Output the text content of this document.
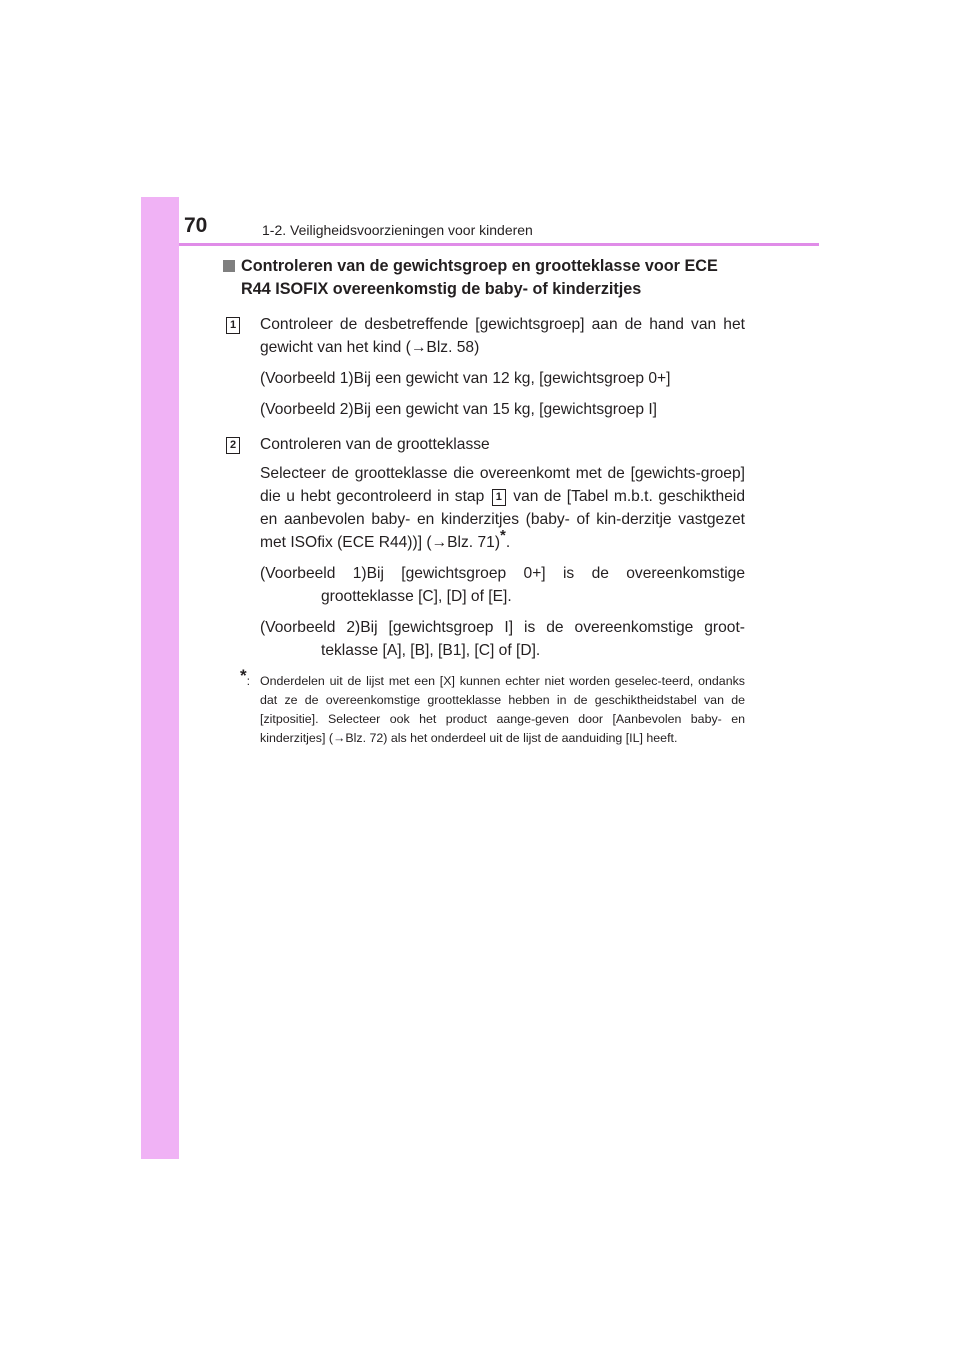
70	1-2. Veiligheidsvoorzieningen voor kinderen
Controleren van de gewichtsgroep en grootteklasse voor ECE R44 ISOFIX overeenkomstig de baby- of kinderzitjes
1 Controleer de desbetreffende [gewichtsgroep] aan de hand van het gewicht van het kind (→Blz. 58)

(Voorbeeld 1)Bij een gewicht van 12 kg, [gewichtsgroep 0+]

(Voorbeeld 2)Bij een gewicht van 15 kg, [gewichtsgroep I]

2 Controleren van de grootteklasse

Selecteer de grootteklasse die overeenkomt met de [gewichts-groep] die u hebt gecontroleerd in stap 1 van de [Tabel m.b.t. geschiktheid en aanbevolen baby- en kinderzitjes (baby- of kin-derzitje vastgezet met ISOfix (ECE R44))] (→Blz. 71)*.

(Voorbeeld 1)Bij [gewichtsgroep 0+] is de overeenkomstige grootteklasse [C], [D] of [E].

(Voorbeeld 2)Bij [gewichtsgroep I] is de overeenkomstige groot-teklasse [A], [B], [B1], [C] of [D].

*: Onderdelen uit de lijst met een [X] kunnen echter niet worden geselec-teerd, ondanks dat ze de overeenkomstige grootteklasse hebben in de geschiktheidstabel van de [zitpositie]. Selecteer ook het product aange-geven door [Aanbevolen baby- en kinderzitjes] (→Blz. 72) als het onderdeel uit de lijst de aanduiding [IL] heeft.
